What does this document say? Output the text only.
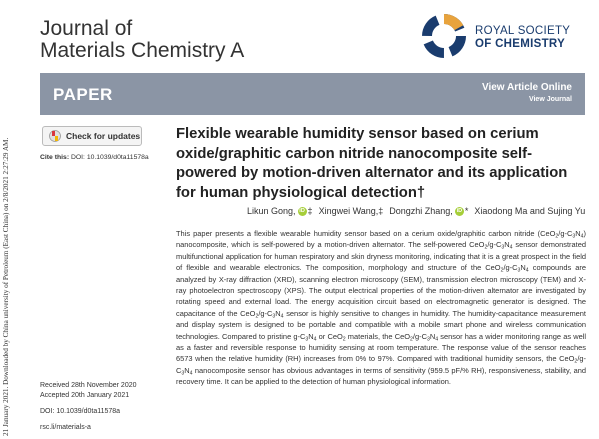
21 January 2021. Downloaded by China university of Petroleum (East China) on 2/8/2021 2:27:29 AM.
Journal of
Materials Chemistry A
ROYAL SOCIETY
OF CHEMISTRY
PAPER	View Article Online
View Journal
Check for updates
Cite this: DOI: 10.1039/d0ta11578a
Flexible wearable humidity sensor based on cerium oxide/graphitic carbon nitride nanocomposite self-powered by motion-driven alternator and its application for human physiological detection†
Likun Gong, iD ‡ Xingwei Wang,‡ Dongzhi Zhang, iD * Xiaodong Ma and Sujing Yu

This paper presents a flexible wearable humidity sensor based on a cerium oxide/graphitic carbon nitride $(CeO_2/g-C_3N_4)$ nanocomposite, which is self-powered by a motion-driven alternator. The self-powered $CeO_2/g-C_3N_4$ sensor demonstrated multifunctional application for human respiratory and skin dryness monitoring, indicating that it is a great prospect in the field of flexible and wearable electronics. The composition, morphology and structure of the $CeO_2/g-C_3N_4$ compounds are analyzed by X-ray diffraction (XRD), scanning electron microscopy (SEM), transmission electron microscopy (TEM) and X-ray photoelectron spectroscopy (XPS). The output electrical properties of the motion-driven alternator are investigated by rotating speed and external load. The energy acquisition circuit based on electromagnetic generator is designed. The capacitance of the $CeO_2/g-C_3N_4$ sensor is highly sensitive to changes in humidity. The humidity-capacitance measurement and display system is designed to be portable and compatible with a mobile smart phone and wireless communication technologies. Compared to pristine $g-C_3N_4$ or CeO$_2$ materials, the $CeO_2/g-C_3N_4$ sensor has a wider monitoring range as well as a faster and reversible response to humidity sensing at room temperature. The response value of the sensor reaches 6573 when the relative humidity (RH) increases from 0% to 97%. Compared with traditional humidity sensors, the $CeO_2/g-C_3N_4$ nanocomposite sensor has obvious advantages in terms of sensitivity (959.5 pF/% RH), responsiveness, stability, and recovery time. It can be applied to the detection of human physiological information.

Received 28th November 2020
Accepted 20th January 2021
DOI: 10.1039/d0ta11578a
rsc.li/materials-a
